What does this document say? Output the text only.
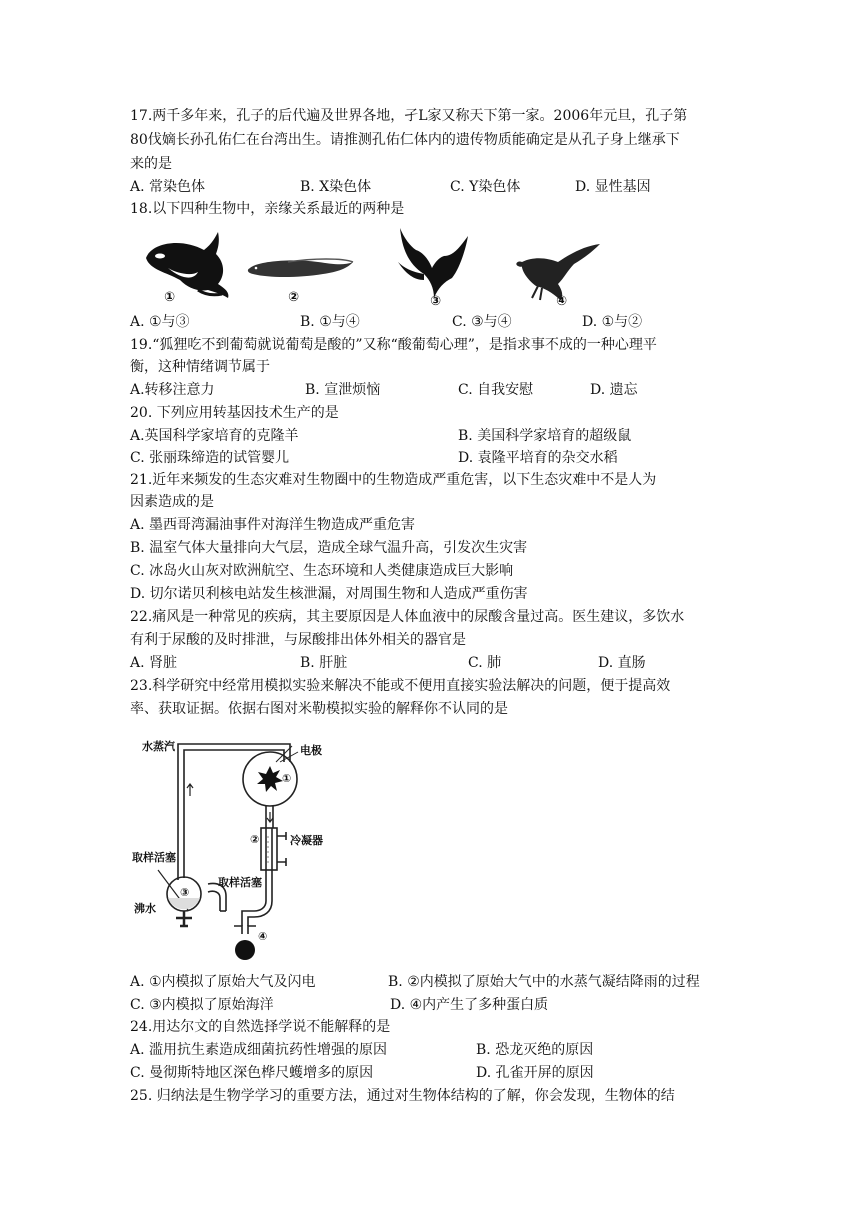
17.两千多年来，孔子的后代遍及世界各地，孑L家又称天下第一家。2006年元旦，孔子第
80伐嫡长孙孔佑仁在台湾出生。请推测孔佑仁体内的遗传物质能确定是从孔子身上继承下
来的是
A. 常染色体	B. X染色体	C. Y染色体	D. 显性基因
18.以下四种生物中，亲缘关系最近的两种是
①	②	③	④
A. ①与③	B. ①与④	C. ③与④	D. ①与②
19.“狐狸吃不到葡萄就说葡萄是酸的”又称“酸葡萄心理”，是指求事不成的一种心理平
衡，这种情绪调节属于
A.转移注意力	B. 宣泄烦恼	C. 自我安慰	D. 遗忘
20. 下列应用转基因技术生产的是
A.英国科学家培育的克隆羊	B. 美国科学家培育的超级鼠
C. 张丽珠缔造的试管婴儿	D. 袁隆平培育的杂交水稻
21.近年来频发的生态灾难对生物圈中的生物造成严重危害，以下生态灾难中不是人为
因素造成的是
A. 墨西哥湾漏油事件对海洋生物造成严重危害
B. 温室气体大量排向大气层，造成全球气温升高，引发次生灾害
C. 冰岛火山灰对欧洲航空、生态环境和人类健康造成巨大影响
D. 切尔诺贝利核电站发生核泄漏，对周围生物和人造成严重伤害
22.痛风是一种常见的疾病，其主要原因是人体血液中的尿酸含量过高。医生建议，多饮水
有利于尿酸的及时排泄，与尿酸排出体外相关的器官是
A. 肾脏	B. 肝脏	C. 肺	D. 直肠
23.科学研究中经常用模拟实验来解决不能或不便用直接实验法解决的问题，便于提高效
率、获取证据。依据右图对米勒模拟实验的解释你不认同的是
水蒸汽	电极
冷凝器
取样活塞
取样活塞
沸水
①
②
③
④
A. ①内模拟了原始大气及闪电	B. ②内模拟了原始大气中的水蒸气凝结降雨的过程
C. ③内模拟了原始海洋	D. ④内产生了多种蛋白质
24.用达尔文的自然选择学说不能解释的是
A. 滥用抗生素造成细菌抗药性增强的原因	B. 恐龙灭绝的原因
C. 曼彻斯特地区深色桦尺蠖增多的原因	D. 孔雀开屏的原因
25. 归纳法是生物学学习的重要方法，通过对生物体结构的了解，你会发现，生物体的结
